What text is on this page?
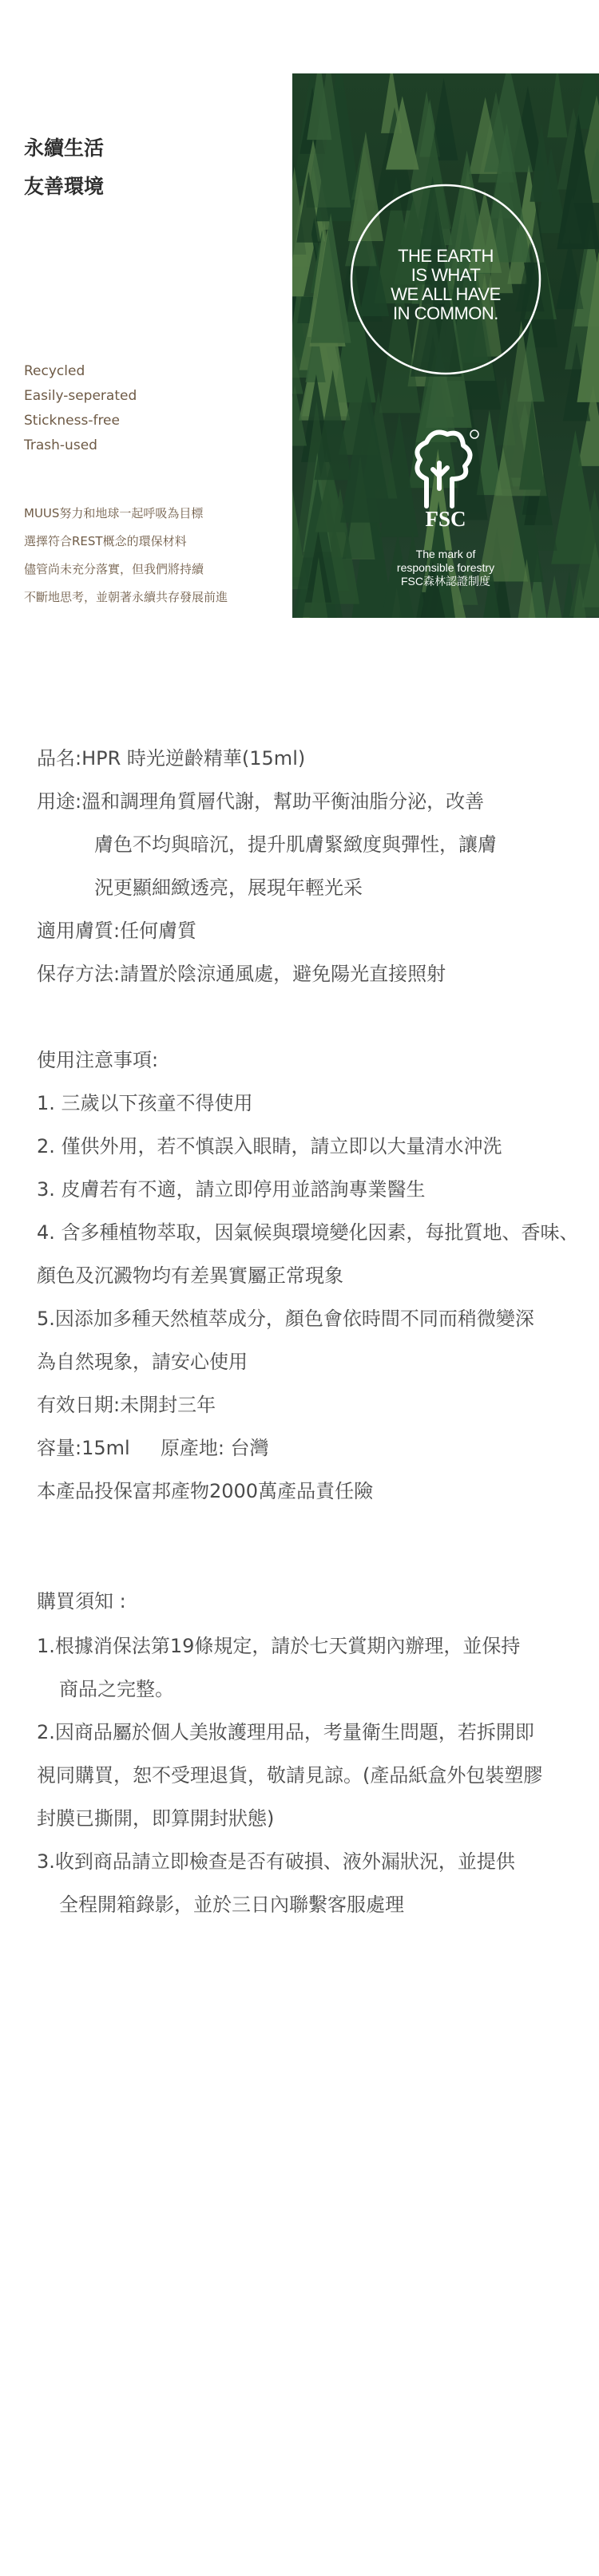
永續生活
友善環境
Recycled
Easily-seperated
Stickness-free
Trash-used
MUUS努力和地球一起呼吸為目標
選擇符合REST概念的環保材料
儘管尚未充分落實，但我們將持續
不斷地思考，並朝著永續共存發展前進
THE EARTH
IS WHAT
WE ALL HAVE
IN COMMON.
FSC
The mark of
responsible forestry
FSC森林認證制度
品名:HPR 時光逆齡精華(15ml)
用途:溫和調理角質層代謝，幫助平衡油脂分泌，改善
膚色不均與暗沉，提升肌膚緊緻度與彈性，讓膚
況更顯細緻透亮，展現年輕光采
適用膚質:任何膚質
保存方法:請置於陰涼通風處，避免陽光直接照射
使用注意事項:
1. 三歲以下孩童不得使用
2. 僅供外用，若不慎誤入眼睛，請立即以大量清水沖洗
3. 皮膚若有不適，請立即停用並諮詢專業醫生
4. 含多種植物萃取，因氣候與環境變化因素，每批質地、香味、
顏色及沉澱物均有差異實屬正常現象
5.因添加多種天然植萃成分，顏色會依時間不同而稍微變深
為自然現象，請安心使用
有效日期:未開封三年
容量:15ml     原產地: 台灣
本產品投保富邦產物2000萬產品責任險
購買須知 :
1.根據消保法第19條規定，請於七天賞期內辦理，並保持
商品之完整。
2.因商品屬於個人美妝護理用品，考量衛生問題，若拆開即
視同購買，恕不受理退貨，敬請見諒。(產品紙盒外包裝塑膠
封膜已撕開，即算開封狀態)
3.收到商品請立即檢查是否有破損、液外漏狀況，並提供
全程開箱錄影，並於三日內聯繫客服處理
